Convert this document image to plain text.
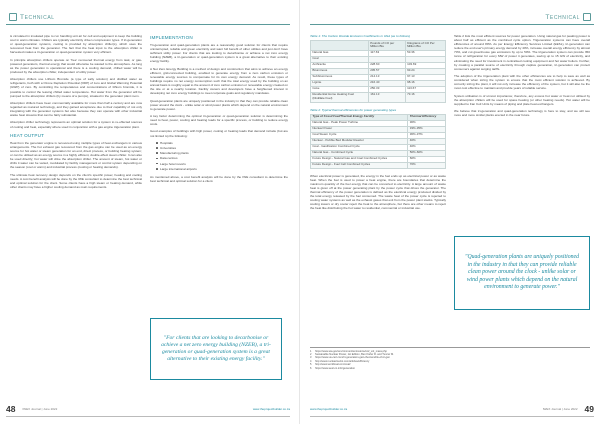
Technical

is circulated in insulated pipe to run handling unit air for cell and equipment to keep the building cool in warm climates. Chillers are typically electricity driven compression types. If tri-generation or quad-generation systems, cooling is provided by absorption chiller(s), which uses the recovered heat from the generator. The fact that the heat input to the absorption chiller is harvested makes a tri-generation or quad-generation system very efficient.

In principle absorption chillers operate on 'free' recovered thermal energy from task, or gas-powered generators, thermal energy that would otherwise be wasted to the atmosphere. As long as the power generation is operational and there is a cooling demand, chilled water will be produced by the absorption chiller, independent of utility power.

Absorption chillers use Lithium Bromide (a type of salty solution) and distilled water as refrigerants, both with a Ozone Depletion Potential (ODP) of zero and Global Warming Potential (GWP) of zero. By controlling the temperatures and concentrations of lithium bromide, it is possible to control the leaving chilled water temperature. Hot water from the generator will be pumped to the absorption chillers (by means of a pumps), situated in the generator plant room.

Absorption chillers have been commercially available for more than half a century and are now regarded as matured technology, and they gained acceptance due to their capability of not only integrating with the generator systems but also because they can operate with other industrial waste heat streams that can be fairly substantial.

Absorption chiller technology represents an optimal solution for a system to re-effected sources of cooling and heat, especially where used in conjunction with a gas engine trigeneration plant.

HEAT OUTPUT

Heat from the generator engine is recovered using multiple types of heat exchangers in various arrangements. The hot exhaust gas recovered from the gas engine can be used as an energy source for hot water or steam generation for an end, direct process, or building heating system; or can be utilised as an energy source in a highly efficient, double-effect steam chiller. It can also be used directly; hot water will drive the absorption chiller. The amount of steam, hot water or chills it water can be varied, modulated by facility management or control system depending on the season (cool or warm) and industrial process (cooling or heating demands).

The ultimate heat recovery design depends on the client's specific power, heating and cooling needs. A cost benefit analysis will be done by the IWE consultant to determine the best technical and optimal solution for the client. Some clients have a high steam or heating demand, while other clients may have a higher cooling demand as main requirements.

IMPLEMENTATION

Tri-generation and quad-generation plants are a reasonably good solution for clients that require uninterrupted, reliable and green electricity and want full benefit of other utilities and just don't have sufficient utility power. For clients that are looking to decarbonise or achieve a net zero energy building (NZEB), a tri-generation or quad-generation system is a great alternative to their existing energy facility.

A Net Zero Energy Building is a method of design and construction that aims to achieve an energy efficient, grid-connected building, enabled to generate energy from a zero carbon emission or renewable energy sources to compensate for its own energy demand. As result, these types of buildings require no net energy consumption such that the total energy used by the building on an annual basis is roughly equal to the amount of zero carbon emission or renewable energy created on the site or at a nearby location. Facility owners and developers have a heightened interest in developing net zero energy buildings to meet corporate goals and regulatory mandates.

Quad-generation plants are uniquely positioned in the industry in that they can provide reliable clean power around the clock - unlike solar or wind power plants which depend on the natural environment to generate power.

A key factor determining the optimal tri-generation or quad-generation solution is determining the need to heat, power, cooling and heating loads for a specific process, or building to reduce energy costs.

Good examples of buildings with high power, cooling or heating loads that demand include (but are not limited to) the following:

Hospitals
Universities
Manufacturing plants
Data centres
Large hotel resorts
Large international airports

As mentioned above, a cost benefit analysis will be done by the IWE consultant to determine the best technical and optimal solution for a client.

"For clients that are looking to decarbonise or achieve a net zero energy building (NZEB), a tri-generation or quad-generation system is a great alternative to their existing energy facility."
48 IWEX Journal | June 2022	www.theprojectbuilder.co.za
Technical
Table 1: The Carbon Dioxide Emission Coefficients in USA (as to follows)
	Pounds of CO per Million Btu	Kilograms of CO Per Million Btu
Natural Gas	117.63	53.36
Coal		
Anthracite	228.60	103.69
Bituminous	205.57	93.24
Subbituminous	214.13	97.13
Lignite	216.40	98.16
Coke	250.33	113.67
Residential Home Heating Fuel (Distillate Fuel)	161.13	73.16
Table 2: Typical thermal efficiencies for power generating types
Type of Fossil Fuel/Thermal Energy Facility	Thermal Efficiency
Natural Gas - Peak Power Turbine	30%
Nuclear Power	33%-35%
Coal Steam Cycle	36%-37%
Nuclear - Pebble Bed Modular Reactor	40%
Coal - Gasification Combined Cycle	40%
Natural Gas - Combined Cycle	50%-60%
Future Design - Natural Gas and Coal Combined Cycles	60%
Future Design - Fuel Cell Combined Cycles	70%

When electrical power is generated, the energy in the fuel ends up as electrical power or as waste heat. When the fuel is used to power a heat engine, there are boundaries that determine the maximum quantity of the fuel energy that can be converted to electricity. A large amount of waste heat is given off at the power generating plant by the power cycle that drives the generator. The thermal efficiency of the power generation is defined as the electrical energy produced divided by the total energy released by the fuel consumed. The waste heat of the power cycle is rejected to cooling water systems as well as the exhaust gases that exit from the power plant stacks. Typically cooling towers or dry cooler reject the heat to the atmosphere, but there are other means to reject the heat like distributing the hot water to residential, commercial or industrial use.

Table 2 lists the most efficient sources for power generation. Using natural gas for peaking power is about half as efficient as the combined cycle option. Trigeneration systems can have overall efficiencies of around 80%. As per Energy Efficiency Services Limited (EESL), tri-generation can reduce the end user's primary energy demand by 40%, increase overall energy efficiency by almost 70%, and cut greenhouse gas emissions by up to 50%. The trigeneration system can provide 350 tonne of refrigeration for every MW of power it generates, saving up to 15 GW of electricity, and eliminating the need for investment in centralised cooling equipment and hot water boilers. Further, by creating a parallel source of electricity through captive generation, tri-generation can protect consumers against surging tariffs.

The adoption of the trigeneration plant with the other efficiencies are to help to save as well as considered when sizing the system to ensure that the most efficient solution is achieved. By correctly sizing the plant, it will not only increase the efficiency of the system, but it will also be the most cost effective to maintain and provide years of reliable service.

System utilisation is of utmost importance; therefore, any excess hot water or heat not utilised by the absorption chillers will be used for space heating (or other heating needs). Hot water will be supplied to Fan Coil Units by means of piping and plate heat exchangers.

We believe that tri-generation and quad-generation technology is here to stay, and we will see more and more similar plants erected in the near future.

"Quad-generation plants are uniquely positioned in the industry in that they can provide reliable clean power around the clock - unlike solar or wind power plants which depend on the natural environment to generate power."
1 https://www.eia.gov/environment/emissions/co2_vol_mass.php
2 Sustainable Nuclear Power, 1st Edition, Ben Kiefer R. and Tuncer M.
3 https://www.us-cert.com/tri-generation-gain-the-benefits-of-tri-gen
4 http://www.nucleartourist.com/articles/efficiency
5 http://www.worldcoal.com/coal/
6 https://www.eesl.co.in/trigeneration
www.theprojectbuilder.co.za	IWEX Journal | June 2022 49
